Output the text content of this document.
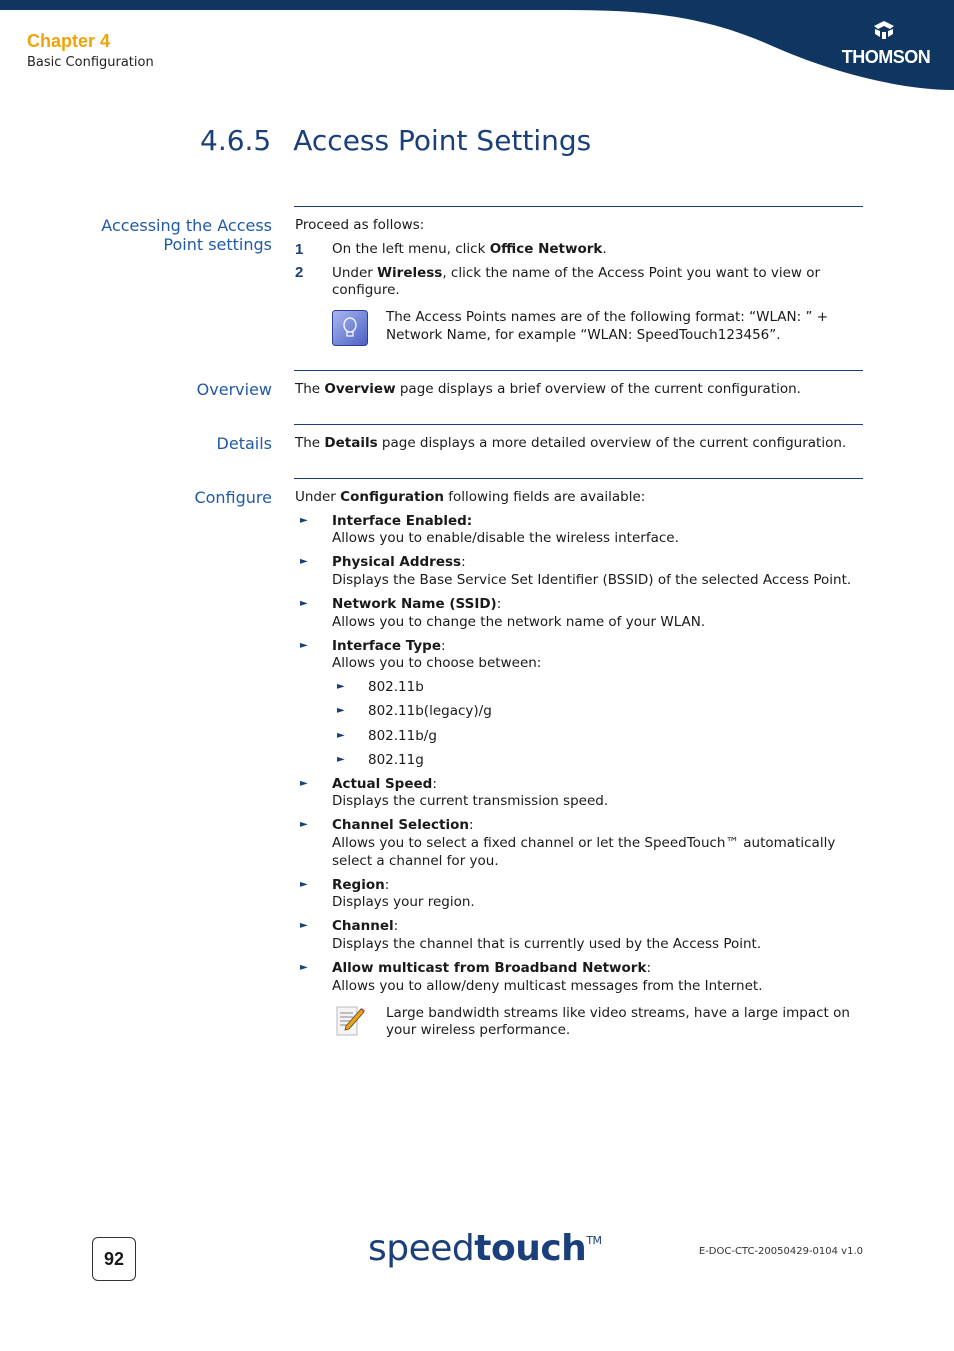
THOMSON
Chapter 4
Basic Configuration
4.6.5 Access Point Settings
Accessing the Access
Point settings
Proceed as follows:
1 On the left menu, click Office Network.
2 Under Wireless, click the name of the Access Point you want to view or
configure.
The Access Points names are of the following format: “WLAN: ” +
Network Name, for example “WLAN: SpeedTouch123456”.
Overview The Overview page displays a brief overview of the current configuration.
Details The Details page displays a more detailed overview of the current configuration.
Configure Under Configuration following fields are available:
► Interface Enabled:
Allows you to enable/disable the wireless interface.
► Physical Address:
Displays the Base Service Set Identifier (BSSID) of the selected Access Point.
► Network Name (SSID):
Allows you to change the network name of your WLAN.
► Interface Type:
Allows you to choose between:
► 802.11b
► 802.11b(legacy)/g
► 802.11b/g
► 802.11g
► Actual Speed:
Displays the current transmission speed.
► Channel Selection:
Allows you to select a fixed channel or let the SpeedTouch™ automatically
select a channel for you.
► Region:
Displays your region.
► Channel:
Displays the channel that is currently used by the Access Point.
► Allow multicast from Broadband Network:
Allows you to allow/deny multicast messages from the Internet.
Large bandwidth streams like video streams, have a large impact on
your wireless performance.
92	speedtouch™
E-DOC-CTC-20050429-0104 v1.0
